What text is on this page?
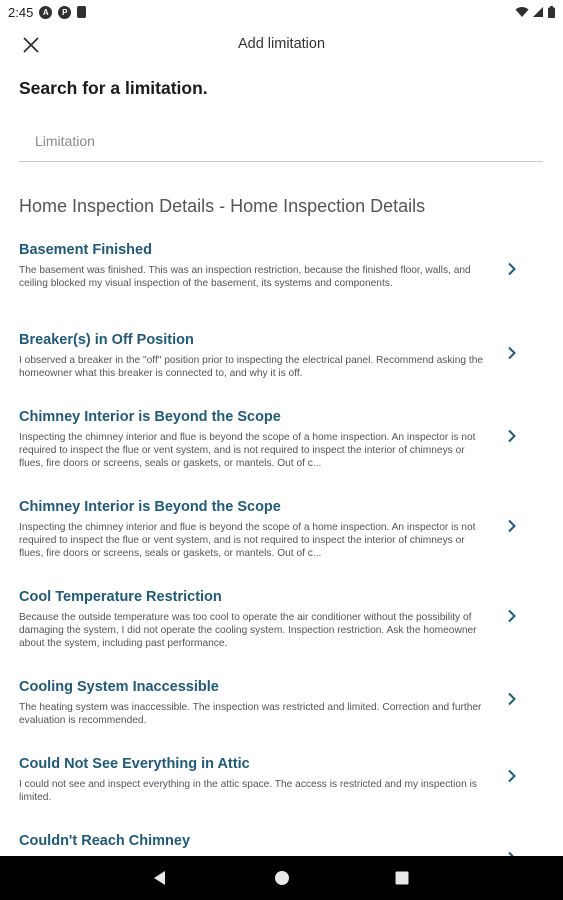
2:45	A	P
Add limitation
Search for a limitation.
Limitation
Home Inspection Details - Home Inspection Details
Basement Finished
The basement was finished. This was an inspection restriction, because the finished floor, walls, and ceiling blocked my visual inspection of the basement, its systems and components.
Breaker(s) in Off Position
I observed a breaker in the "off" position prior to inspecting the electrical panel. Recommend asking the homeowner what this breaker is connected to, and why it is off.
Chimney Interior is Beyond the Scope
Inspecting the chimney interior and flue is beyond the scope of a home inspection. An inspector is not required to inspect the flue or vent system, and is not required to inspect the interior of chimneys or flues, fire doors or screens, seals or gaskets, or mantels. Out of c...
Chimney Interior is Beyond the Scope
Inspecting the chimney interior and flue is beyond the scope of a home inspection. An inspector is not required to inspect the flue or vent system, and is not required to inspect the interior of chimneys or flues, fire doors or screens, seals or gaskets, or mantels. Out of c...
Cool Temperature Restriction
Because the outside temperature was too cool to operate the air conditioner without the possibility of damaging the system, I did not operate the cooling system. Inspection restriction. Ask the homeowner about the system, including past performance.
Cooling System Inaccessible
The heating system was inaccessible. The inspection was restricted and limited. Correction and further evaluation is recommended.
Could Not See Everything in Attic
I could not see and inspect everything in the attic space. The access is restricted and my inspection is limited.
Couldn't Reach Chimney
